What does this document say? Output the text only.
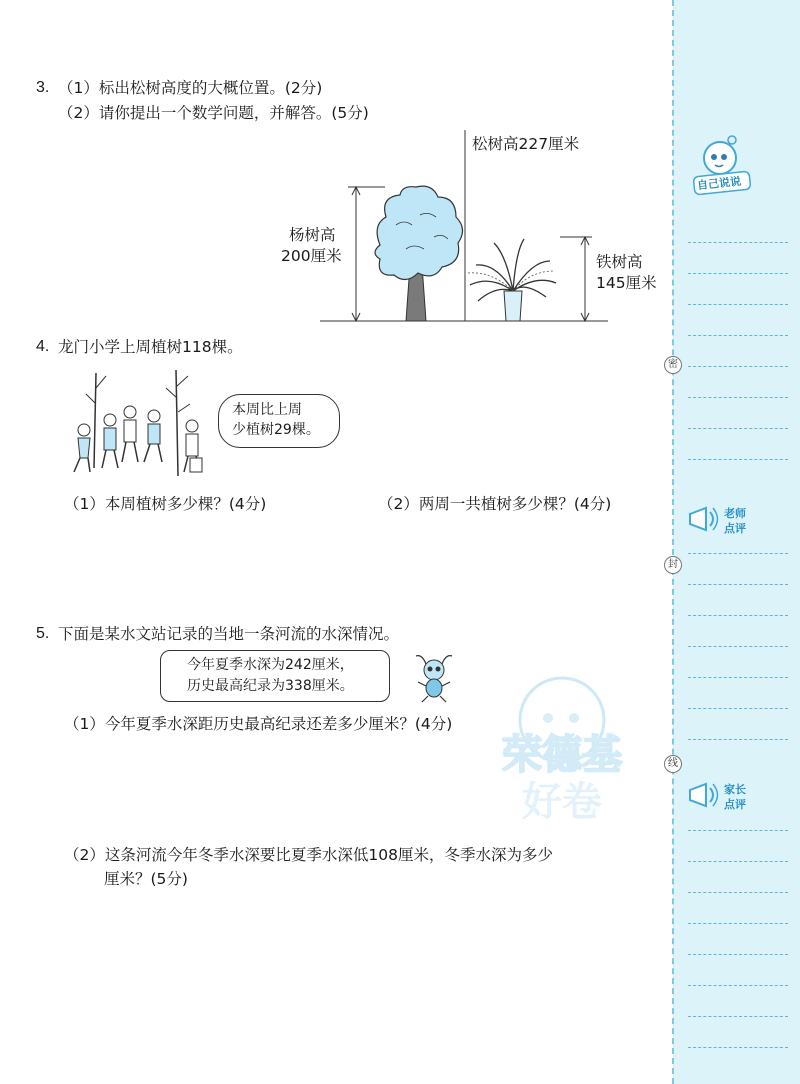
密
封
线
自己说说
老师
点评
家长
点评
荣德基
好卷
3. （1）标出松树高度的大概位置。(2分)
（2）请你提出一个数学问题，并解答。(5分)
松树高227厘米
杨树高
200厘米	铁树高
145厘米
4. 龙门小学上周植树118棵。
本周比上周
少植树29棵。
（1）本周植树多少棵？(4分)	（2）两周一共植树多少棵？(4分)
5. 下面是某水文站记录的当地一条河流的水深情况。
今年夏季水深为242厘米，
历史最高纪录为338厘米。
（1）今年夏季水深距历史最高纪录还差多少厘米？(4分)
（2）这条河流今年冬季水深要比夏季水深低108厘米，冬季水深为多少
厘米？(5分)
